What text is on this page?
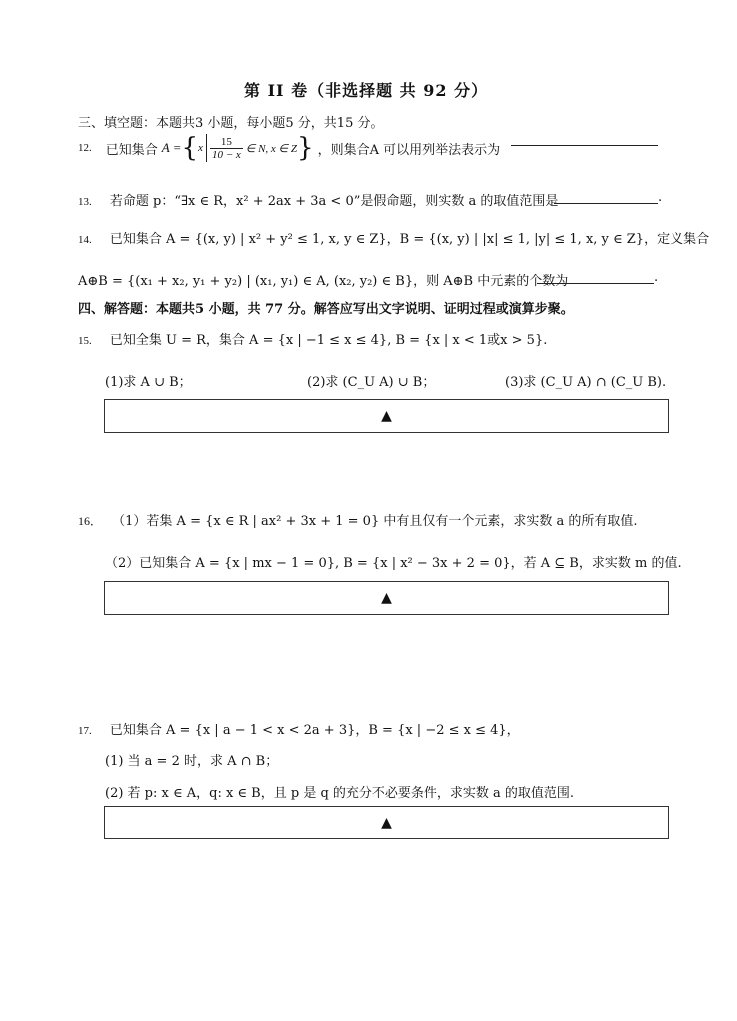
第 II 卷（非选择题 共 92 分）
三、填空题：本题共3 小题，每小题5 分，共15 分。
12. 已知集合 A = { x $\frac{15}{10 - x}$ ∈ N, x ∈ Z } ，则集合A 可以用列举法表示为
13. 若命题 p：“∃x ∈ R，x² + 2ax + 3a < 0”是假命题，则实数 a 的取值范围是	.
14. 已知集合 A = {(x, y) | x² + y² ≤ 1, x, y ∈ Z}，B = {(x, y) | |x| ≤ 1, |y| ≤ 1, x, y ∈ Z}，定义集合
A⊕B = {(x₁ + x₂, y₁ + y₂) | (x₁, y₁) ∈ A, (x₂, y₂) ∈ B}，则 A⊕B 中元素的个数为	.
四、解答题：本题共5 小题，共 77 分。解答应写出文字说明、证明过程或演算步聚。
15. 已知全集 U = R，集合 A = {x | −1 ≤ x ≤ 4}, B = {x | x < 1或x > 5}.
(1)求 A ∪ B；	(2)求 (C_U A) ∪ B；	(3)求 (C_U A) ∩ (C_U B).
▲
16． （1）若集 A = {x ∈ R | ax² + 3x + 1 = 0} 中有且仅有一个元素，求实数 a 的所有取值.
（2）已知集合 A = {x | mx − 1 = 0}, B = {x | x² − 3x + 2 = 0}，若 A ⊆ B，求实数 m 的值.
▲
17. 已知集合 A = {x | a − 1 < x < 2a + 3}，B = {x | −2 ≤ x ≤ 4}，
(1) 当 a = 2 时，求 A ∩ B；
(2) 若 p: x ∈ A，q: x ∈ B，且 p 是 q 的充分不必要条件，求实数 a 的取值范围.
▲
